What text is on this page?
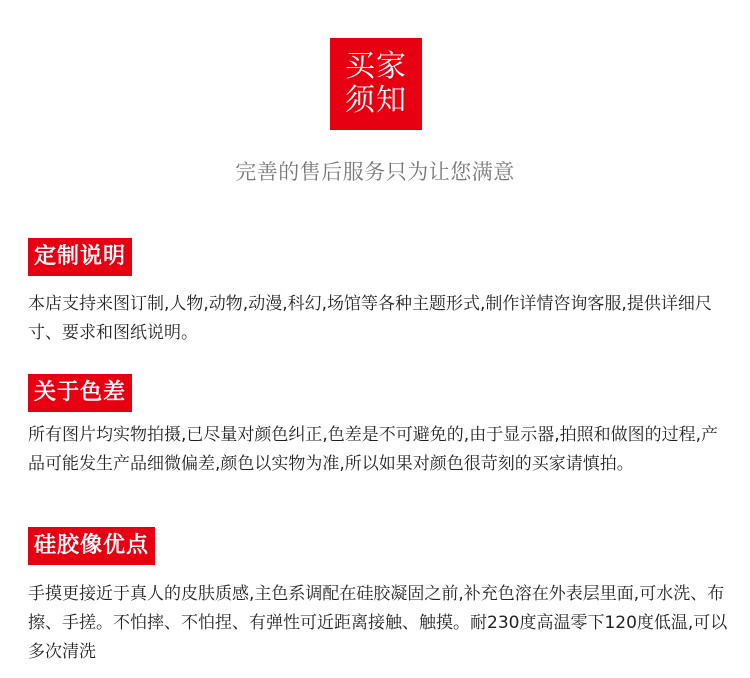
买家
须知
完善的售后服务只为让您满意
定制说明
本店支持来图订制,人物,动物,动漫,科幻,场馆等各种主题形式,制作详情咨询客服,提供详细尺寸、要求和图纸说明。
关于色差
所有图片均实物拍摄,已尽量对颜色纠正,色差是不可避免的,由于显示器,拍照和做图的过程,产品可能发生产品细微偏差,颜色以实物为准,所以如果对颜色很苛刻的买家请慎拍。
硅胶像优点
手摸更接近于真人的皮肤质感,主色系调配在硅胶凝固之前,补充色溶在外表层里面,可水洗、布擦、手搓。不怕摔、不怕捏、有弹性可近距离接触、触摸。耐230度高温零下120度低温,可以多次清洗
